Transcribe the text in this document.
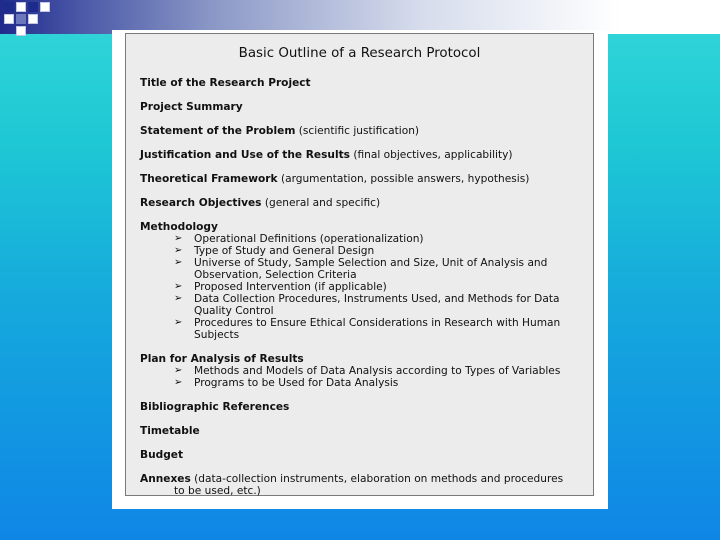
Basic Outline of a Research Protocol
Title of the Research Project
Project Summary
Statement of the Problem (scientific justification)
Justification and Use of the Results (final objectives, applicability)
Theoretical Framework (argumentation, possible answers, hypothesis)
Research Objectives (general and specific)
Methodology
➢	Operational Definitions (operationalization)
➢	Type of Study and General Design
➢	Universe of Study, Sample Selection and Size, Unit of Analysis and Observation, Selection Criteria
➢	Proposed Intervention (if applicable)
➢	Data Collection Procedures, Instruments Used, and Methods for Data Quality Control
➢	Procedures to Ensure Ethical Considerations in Research with Human Subjects
Plan for Analysis of Results
➢	Methods and Models of Data Analysis according to Types of Variables
➢	Programs to be Used for Data Analysis
Bibliographic References
Timetable
Budget
Annexes (data-collection instruments, elaboration on methods and procedures
to be used, etc.)
